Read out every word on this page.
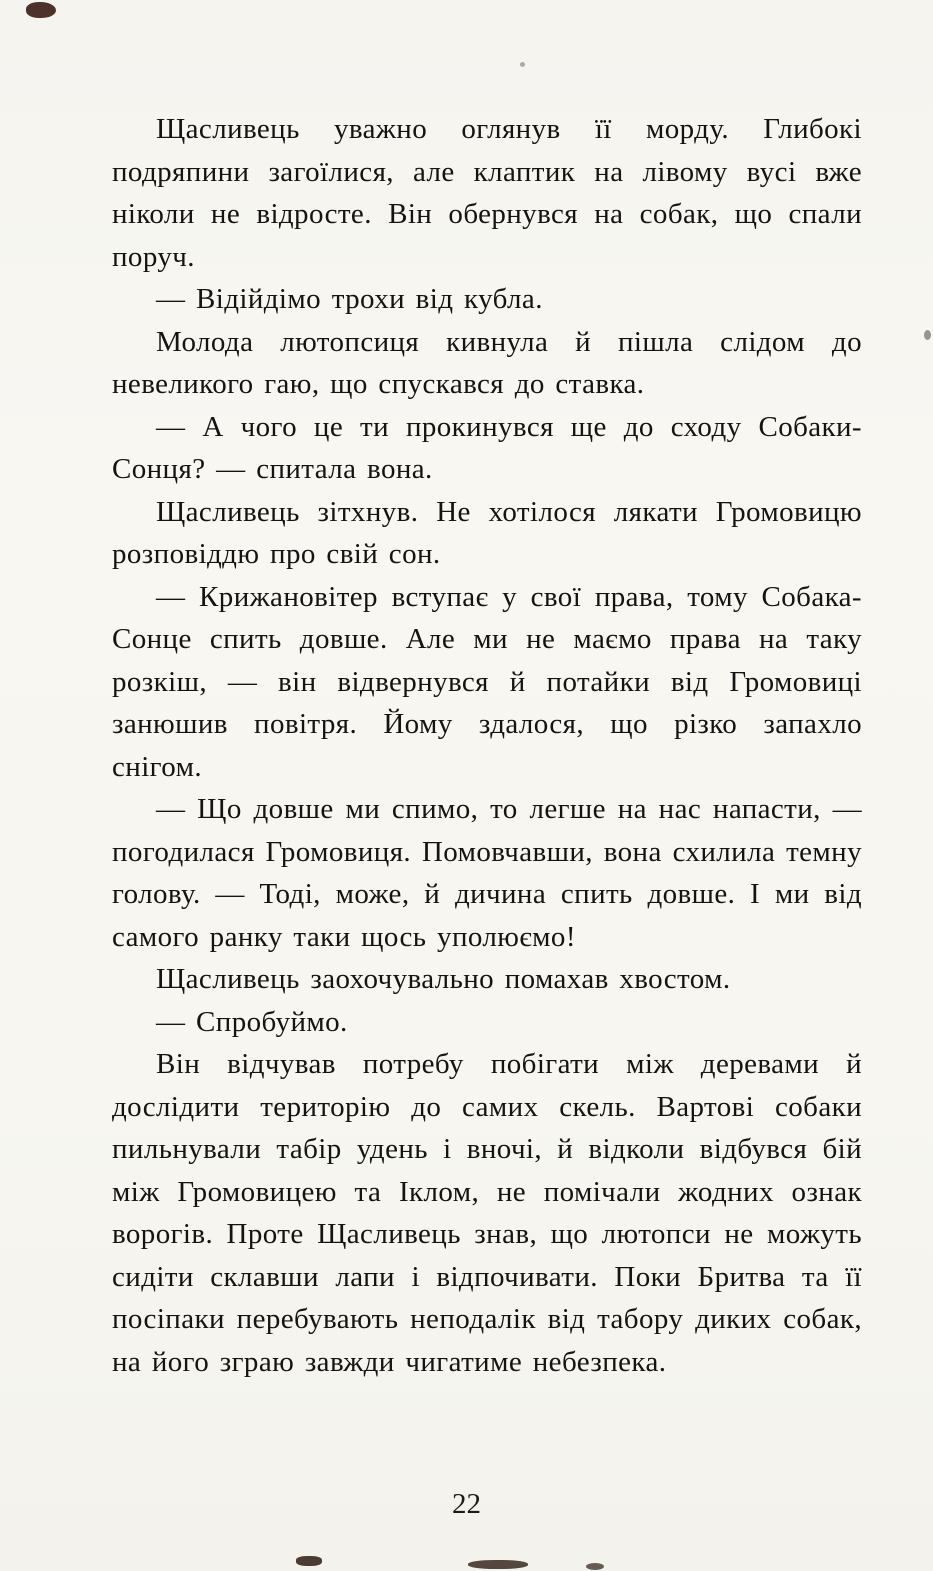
Щасливець уважно оглянув її морду. Глибокі подряпини загоїлися, але клаптик на лівому вусі вже ніколи не відросте. Він обернувся на собак, що спали поруч.

— Відійдімо трохи від кубла.

Молода лютопсиця кивнула й пішла слідом до невеликого гаю, що спускався до ставка.

— А чого це ти прокинувся ще до сходу Собаки-Сонця? — спитала вона.

Щасливець зітхнув. Не хотілося лякати Громовицю розповіддю про свій сон.

— Крижановітер вступає у свої права, тому Собака-Сонце спить довше. Але ми не маємо права на таку розкіш, — він відвернувся й потайки від Громовиці занюшив повітря. Йому здалося, що різко запахло снігом.

— Що довше ми спимо, то легше на нас напасти, — погодилася Громовиця. Помовчавши, вона схилила темну голову. — Тоді, може, й дичина спить довше. І ми від самого ранку таки щось уполюємо!

Щасливець заохочувально помахав хвостом.

— Спробуймо.

Він відчував потребу побігати між деревами й дослідити територію до самих скель. Вартові собаки пильнували табір удень і вночі, й відколи відбувся бій між Громовицею та Іклом, не помічали жодних ознак ворогів. Проте Щасливець знав, що лютопси не можуть сидіти склавши лапи і відпочивати. Поки Бритва та її посіпаки перебувають неподалік від табору диких собак, на його зграю завжди чигатиме небезпека.

22
